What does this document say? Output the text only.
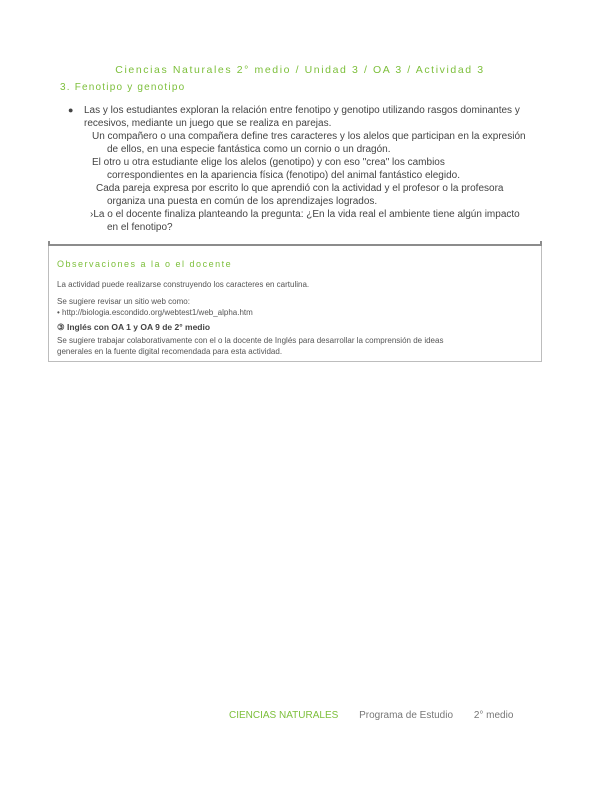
Ciencias Naturales 2° medio / Unidad 3 / OA 3 / Actividad 3
3. Fenotipo y genotipo
●	Las y los estudiantes exploran la relación entre fenotipo y genotipo utilizando rasgos dominantes y
recesivos, mediante un juego que se realiza en parejas.
Un compañero o una compañera define tres caracteres y los alelos que participan en la expresión
de ellos, en una especie fantástica como un cornio o un dragón.
El otro u otra estudiante elige los alelos (genotipo) y con eso "crea" los cambios
correspondientes en la apariencia física (fenotipo) del animal fantástico elegido.
Cada pareja expresa por escrito lo que aprendió con la actividad y el profesor o la profesora
organiza una puesta en común de los aprendizajes logrados.
›La o el docente finaliza planteando la pregunta: ¿En la vida real el ambiente tiene algún impacto
en el fenotipo?
Observaciones a la o el docente
La actividad puede realizarse construyendo los caracteres en cartulina.
Se sugiere revisar un sitio web como:
• http://biologia.escondido.org/webtest1/web_alpha.htm
③ Inglés con OA 1 y OA 9 de 2° medio
Se sugiere trabajar colaborativamente con el o la docente de Inglés para desarrollar la comprensión de ideas
generales en la fuente digital recomendada para esta actividad.
CIENCIAS NATURALES Programa de Estudio 2° medio
